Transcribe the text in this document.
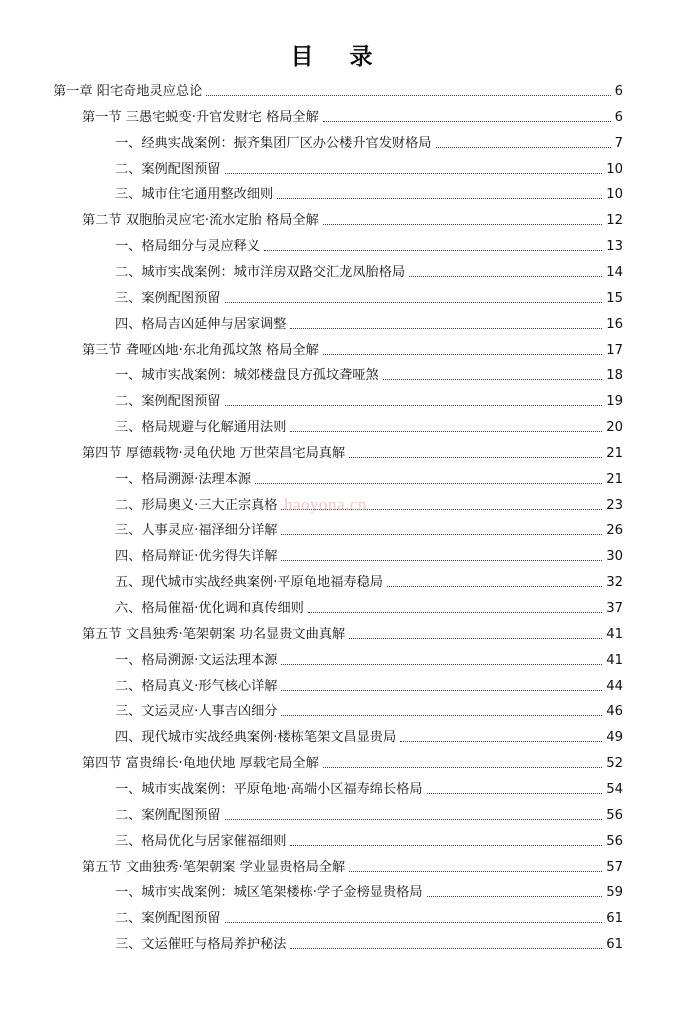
目 录
第一章 阳宅奇地灵应总论	6
第一节 三愚宅蜕变·升官发财宅 格局全解	6
一、经典实战案例：振齐集团厂区办公楼升官发财格局	7
二、案例配图预留	10
三、城市住宅通用整改细则	10
第二节 双胞胎灵应宅·流水定胎 格局全解	12
一、格局细分与灵应释义	13
二、城市实战案例：城市洋房双路交汇龙凤胎格局	14
三、案例配图预留	15
四、格局吉凶延伸与居家调整	16
第三节 聋哑凶地·东北角孤坟煞 格局全解	17
一、城市实战案例：城郊楼盘艮方孤坟聋哑煞	18
二、案例配图预留	19
三、格局规避与化解通用法则	20
第四节 厚德载物·灵龟伏地 万世荣昌宅局真解	21
一、格局溯源·法理本源	21
二、形局奥义·三大正宗真格	23
三、人事灵应·福泽细分详解	26
四、格局辩证·优劣得失详解	30
五、现代城市实战经典案例·平原龟地福寿稳局	32
六、格局催福·优化调和真传细则	37
第五节 文昌独秀·笔架朝案 功名显贵文曲真解	41
一、格局溯源·文运法理本源	41
二、格局真义·形气核心详解	44
三、文运灵应·人事吉凶细分	46
四、现代城市实战经典案例·楼栋笔架文昌显贵局	49
第四节 富贵绵长·龟地伏地 厚载宅局全解	52
一、城市实战案例：平原龟地·高端小区福寿绵长格局	54
二、案例配图预留	56
三、格局优化与居家催福细则	56
第五节 文曲独秀·笔架朝案 学业显贵格局全解	57
一、城市实战案例：城区笔架楼栋·学子金榜显贵格局	59
二、案例配图预留	61
三、文运催旺与格局养护秘法	61
haoyona.cn
